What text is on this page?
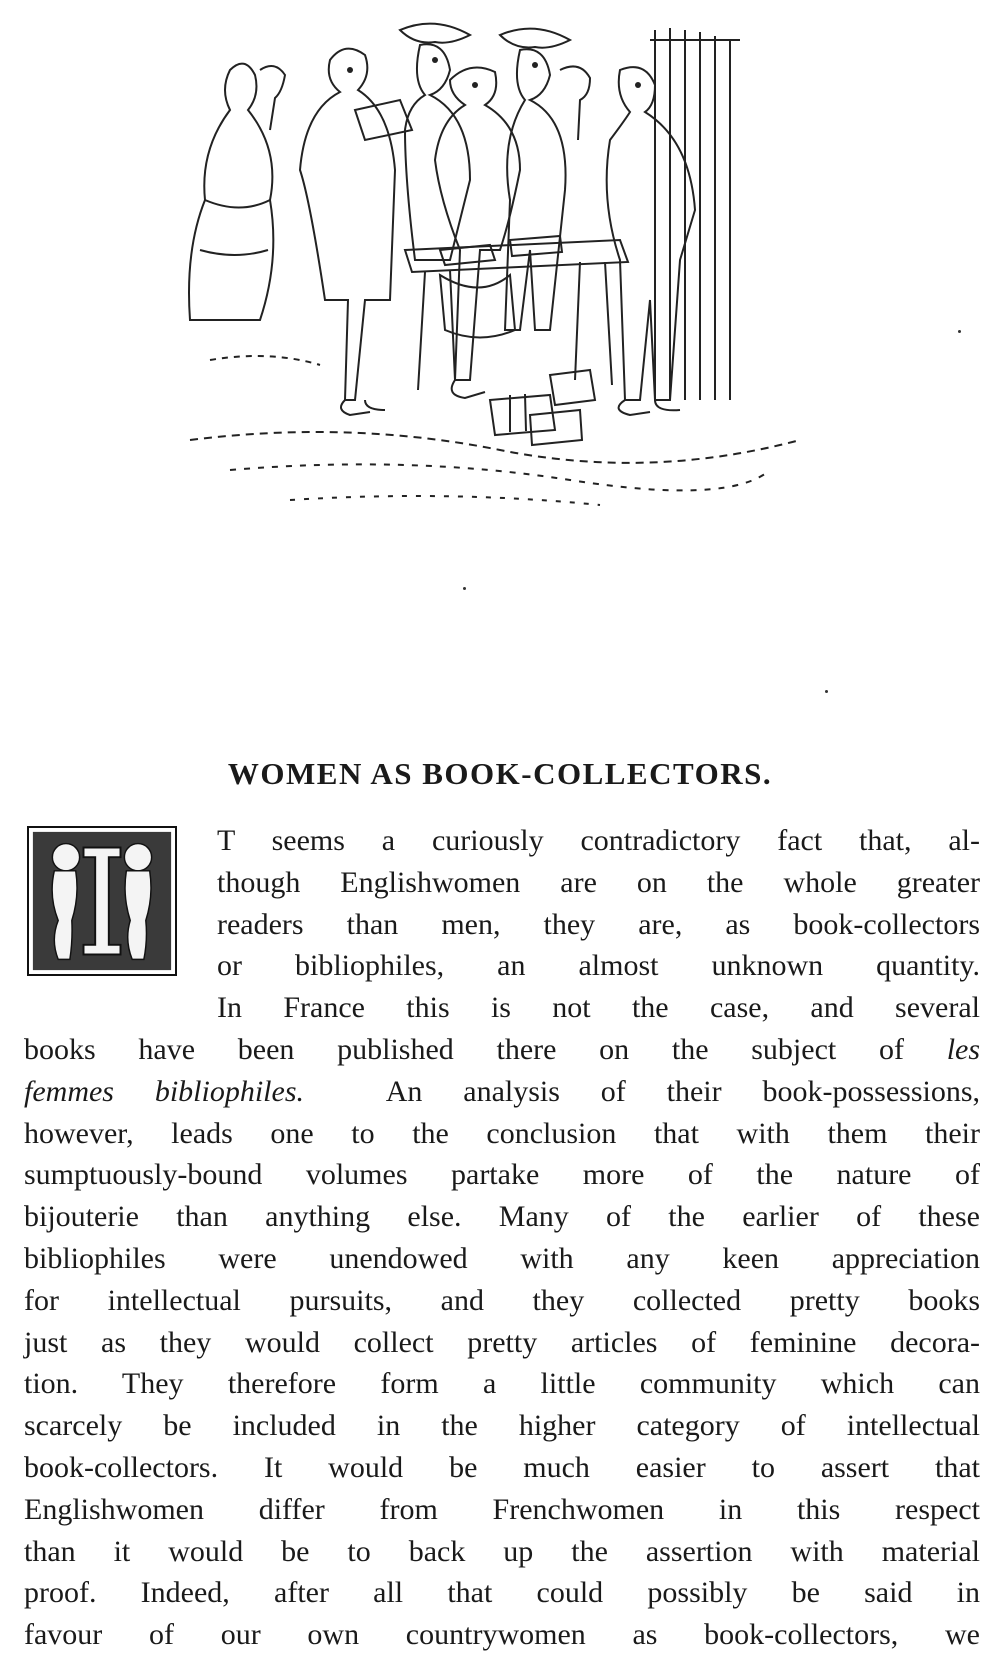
WOMEN AS BOOK-COLLECTORS.
T seems a curiously contradictory fact that, al-
though Englishwomen are on the whole greater
readers than men, they are, as book-collectors
or bibliophiles, an almost unknown quantity.
In France this is not the case, and several
books have been published there on the subject of les
femmes bibliophiles.	An analysis of their book-possessions,
however, leads one to the conclusion that with them their
sumptuously-bound volumes partake more of the nature of
bijouterie than anything else. Many of the earlier of these
bibliophiles were unendowed with any keen appreciation
for intellectual pursuits, and they collected pretty books
just as they would collect pretty articles of feminine decora-
tion. They therefore form a little community which can
scarcely be included in the higher category of intellectual
book-collectors. It would be much easier to assert that
Englishwomen differ from Frenchwomen in this respect
than it would be to back up the assertion with material
proof. Indeed, after all that could possibly be said in
favour of our own countrywomen as book-collectors, we
